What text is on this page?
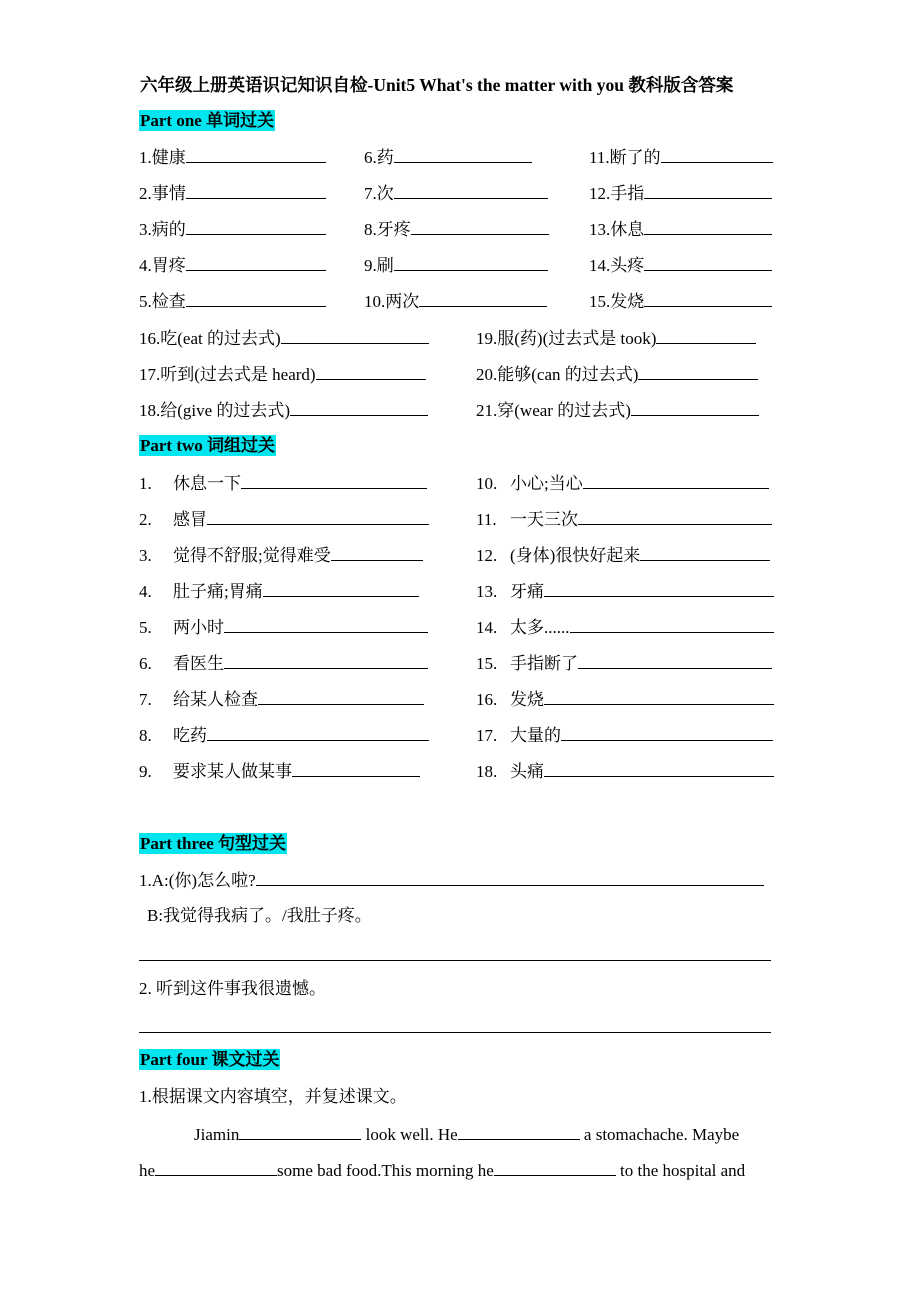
六年级上册英语识记知识自检-Unit5 What's the matter with you 教科版含答案
Part one 单词过关
1.健康
2.事情
3.病的
4.胃疼
5.检查
6.药
7.次
8.牙疼
9.刷
10.两次
11.断了的
12.手指
13.休息
14.头疼
15.发烧
16.吃(eat 的过去式)
17.听到(过去式是 heard)
18.给(give 的过去式)
19.服(药)(过去式是 took)
20.能够(can 的过去式)
21.穿(wear 的过去式)
Part two 词组过关
1. 休息一下
2. 感冒
3. 觉得不舒服;觉得难受
4. 肚子痛;胃痛
5. 两小时
6. 看医生
7. 给某人检查
8. 吃药
9. 要求某人做某事
10. 小心;当心
11. 一天三次
12. (身体)很快好起来
13. 牙痛
14. 太多......
15. 手指断了
16. 发烧
17. 大量的
18. 头痛
Part three 句型过关
1.A:(你)怎么啦?
B:我觉得我病了。/我肚子疼。
2. 听到这件事我很遗憾。
Part four 课文过关
1.根据课文内容填空，并复述课文。
Jiamin	look well. He	a stomachache. Maybe
he	some bad food.This morning he	to the hospital and
